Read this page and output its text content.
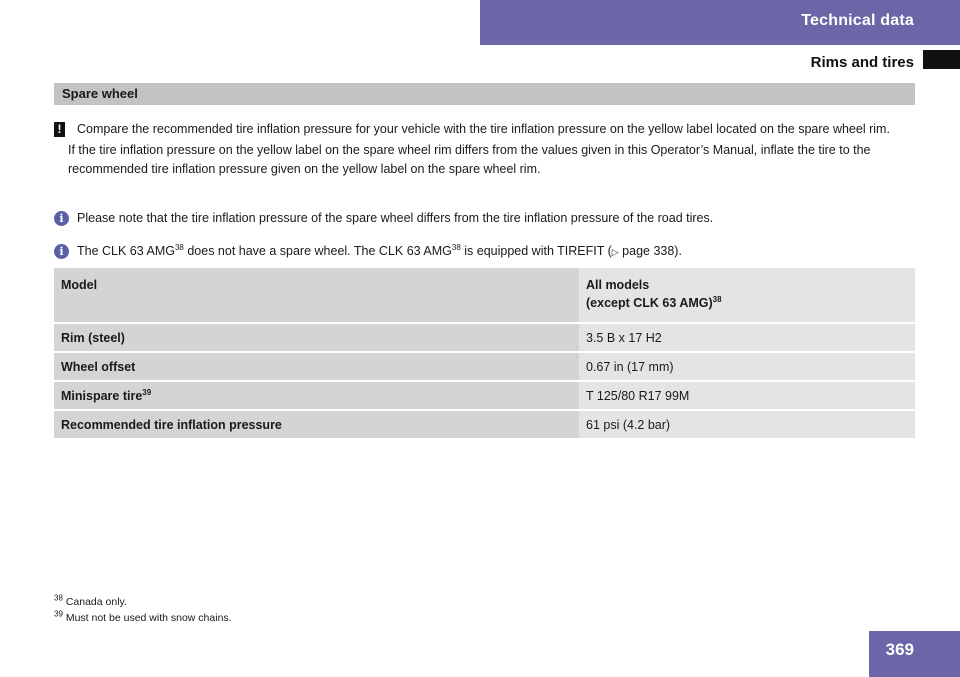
Technical data
Rims and tires
Spare wheel
! Compare the recommended tire inflation pressure for your vehicle with the tire inflation pressure on the yellow label located on the spare wheel rim.
If the tire inflation pressure on the yellow label on the spare wheel rim differs from the values given in this Operator’s Manual, inflate the tire to the recommended tire inflation pressure given on the yellow label on the spare wheel rim.
i	Please note that the tire inflation pressure of the spare wheel differs from the tire inflation pressure of the road tires.
i	The CLK 63 AMG$^{38}$ does not have a spare wheel. The CLK 63 AMG$^{38}$ is equipped with TIREFIT (▷ page 338).
Model	All models
(except CLK 63 AMG)$^{38}$

Rim (steel)	3.5 B x 17 H2
Wheel offset	0.67 in (17 mm)
Minispare tire$^{39}$	T 125/80 R17 99M
Recommended tire inflation pressure	61 psi (4.2 bar)
$^{38}$ Canada only.
$^{39}$ Must not be used with snow chains.
369
